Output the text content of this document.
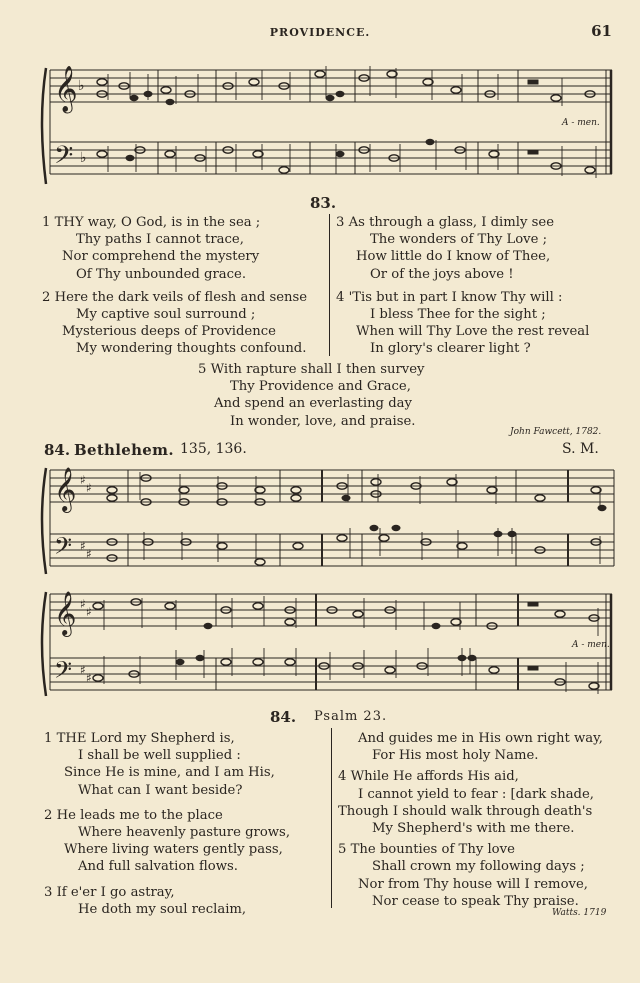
PROVIDENCE.	61
𝄞
𝄢
♭
♭
A - men.
83.
1 THY way, O God, is in the sea ;
Thy paths I cannot trace,
Nor comprehend the mystery
Of Thy unbounded grace.
2 Here the dark veils of flesh and sense
My captive soul surround ;
Mysterious deeps of Providence
My wondering thoughts confound.
3 As through a glass, I dimly see
The wonders of Thy Love ;
How little do I know of Thee,
Or of the joys above !
4 'Tis but in part I know Thy will :
I bless Thee for the sight ;
When will Thy Love the rest reveal
In glory's clearer light ?
5 With rapture shall I then survey
Thy Providence and Grace,
And spend an everlasting day
In wonder, love, and praise.
John Fawcett, 1782.
84. Bethlehem. 135, 136.	S. M.
𝄞
𝄢
♯
♯
♯
♯
𝄞
𝄢
♯
♯
♯
♯
A - men.
84. Psalm 23.
1 THE Lord my Shepherd is,
I shall be well supplied :
Since He is mine, and I am His,
What can I want beside?
2 He leads me to the place
Where heavenly pasture grows,
Where living waters gently pass,
And full salvation flows.
3 If e'er I go astray,
He doth my soul reclaim,
And guides me in His own right way,
For His most holy Name.
4 While He affords His aid,
I cannot yield to fear : [dark shade,
Though I should walk through death's
My Shepherd's with me there.
5 The bounties of Thy love
Shall crown my following days ;
Nor from Thy house will I remove,
Nor cease to speak Thy praise.
Watts. 1719
